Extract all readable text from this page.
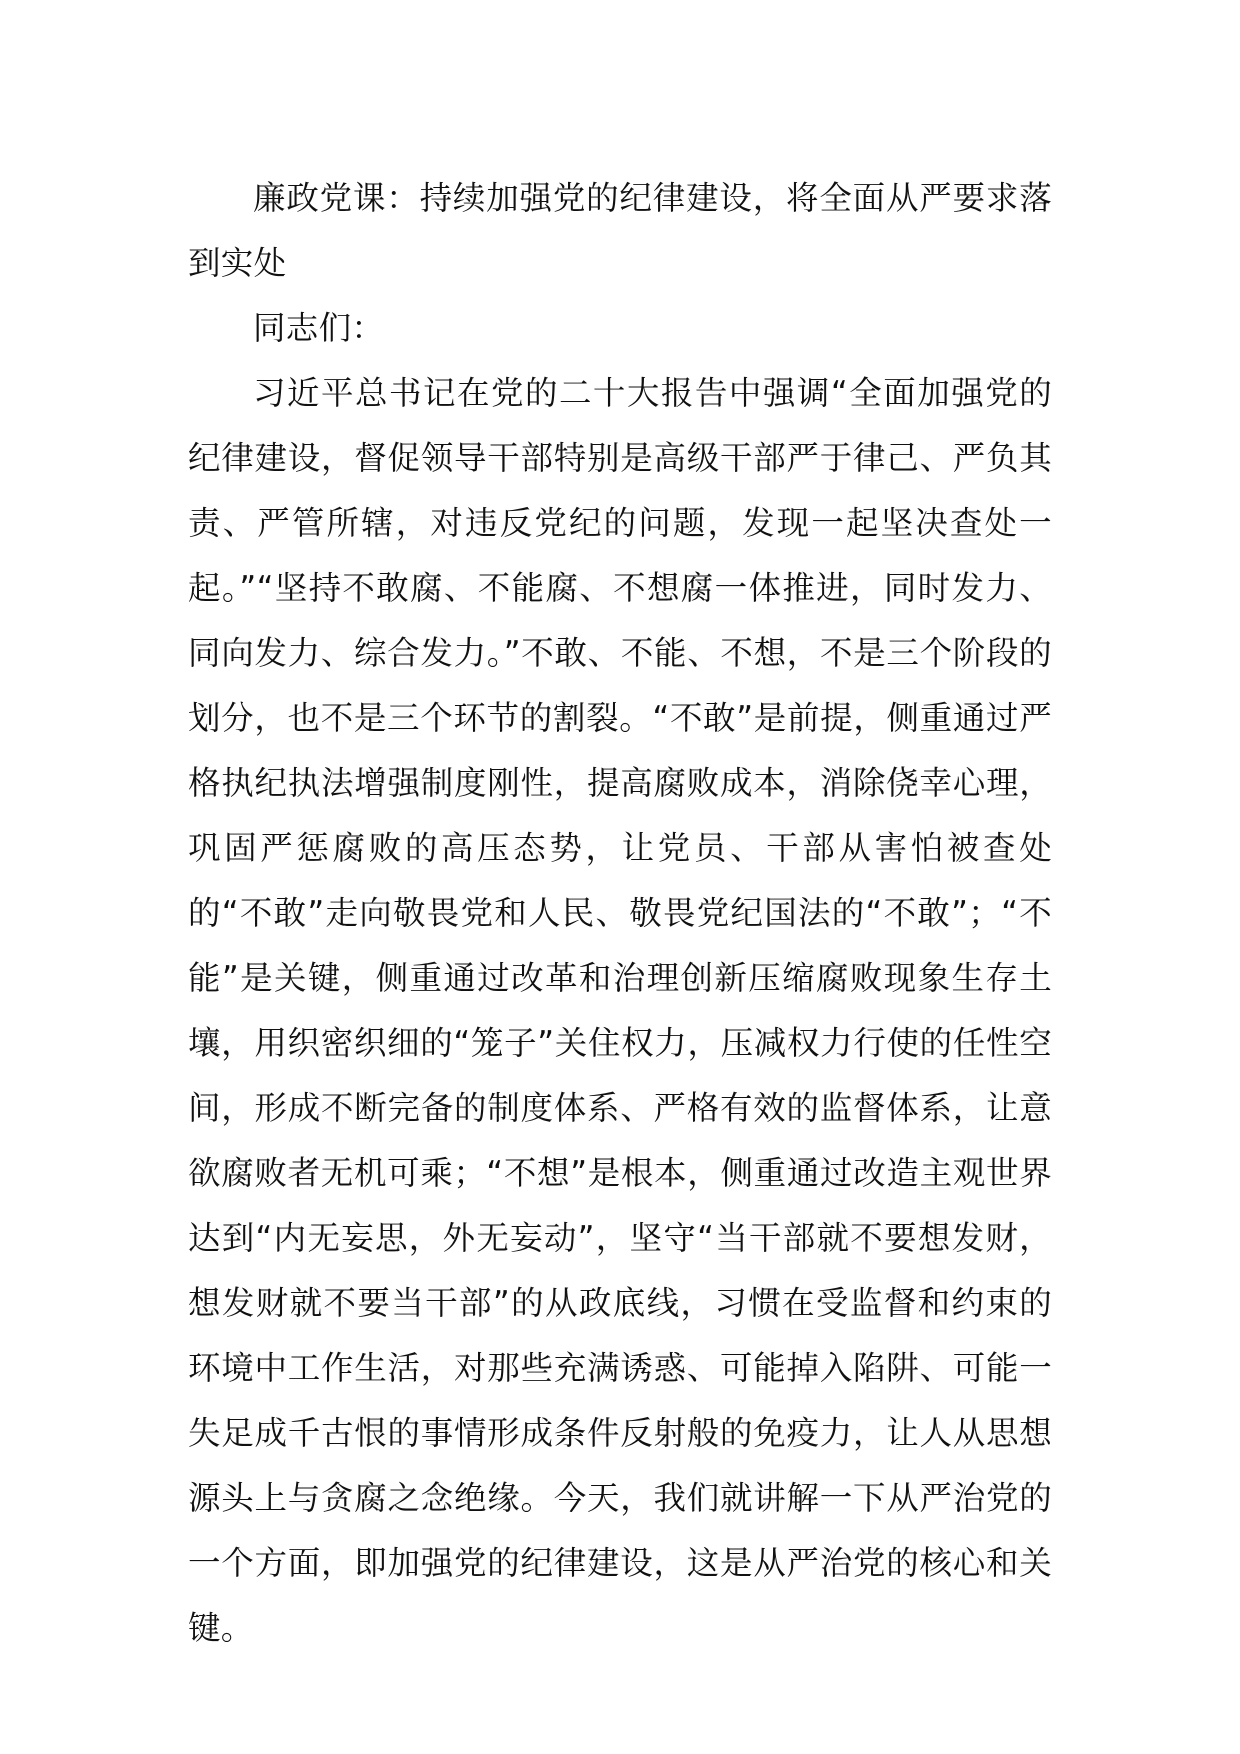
廉政党课：持续加强党的纪律建设，将全面从严要求落到实处

同志们：

习近平总书记在党的二十大报告中强调“全面加强党的纪律建设，督促领导干部特别是高级干部严于律己、严负其责、严管所辖，对违反党纪的问题，发现一起坚决查处一起。”“坚持不敢腐、不能腐、不想腐一体推进，同时发力、同向发力、综合发力。”不敢、不能、不想，不是三个阶段的划分，也不是三个环节的割裂。“不敢”是前提，侧重通过严格执纪执法增强制度刚性，提高腐败成本，消除侥幸心理，巩固严惩腐败的高压态势，让党员、干部从害怕被查处的“不敢”走向敬畏党和人民、敬畏党纪国法的“不敢”；“不能”是关键，侧重通过改革和治理创新压缩腐败现象生存土壤，用织密织细的“笼子”关住权力，压减权力行使的任性空间，形成不断完备的制度体系、严格有效的监督体系，让意欲腐败者无机可乘；“不想”是根本，侧重通过改造主观世界达到“内无妄思，外无妄动”，坚守“当干部就不要想发财，想发财就不要当干部”的从政底线，习惯在受监督和约束的环境中工作生活，对那些充满诱惑、可能掉入陷阱、可能一失足成千古恨的事情形成条件反射般的免疫力，让人从思想源头上与贪腐之念绝缘。今天，我们就讲解一下从严治党的一个方面，即加强党的纪律建设，这是从严治党的核心和关键。
